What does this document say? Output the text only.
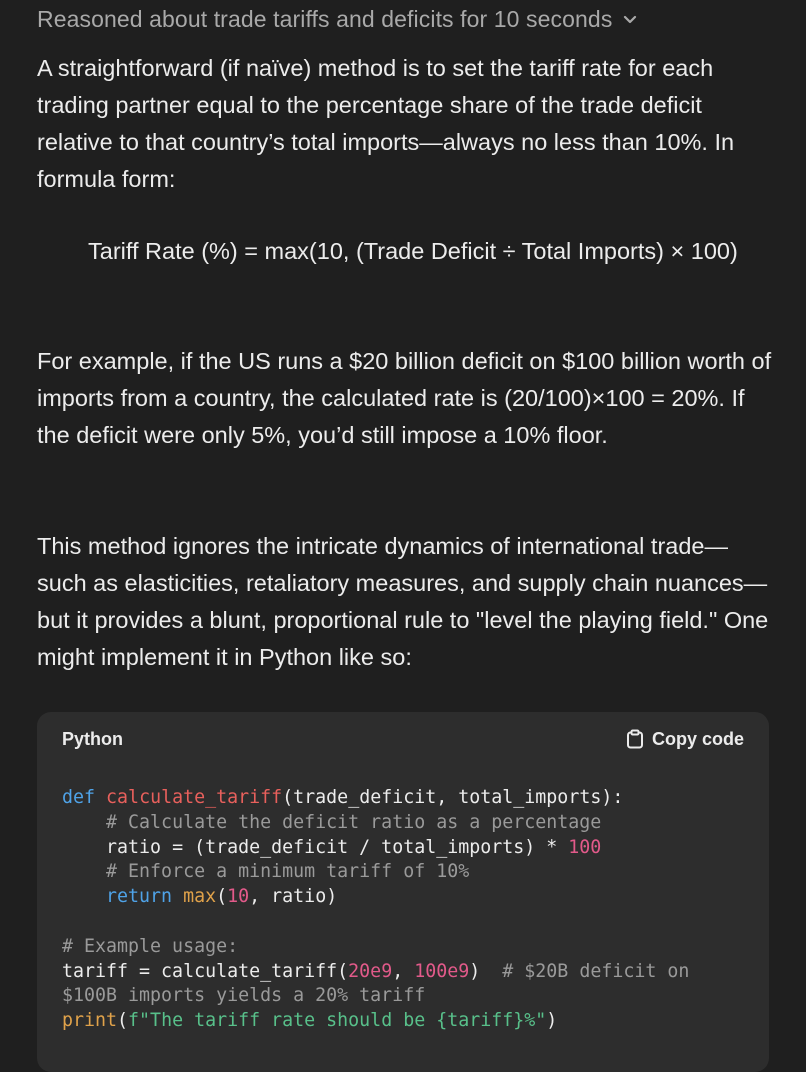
Reasoned about trade tariffs and deficits for 10 seconds

A straightforward (if naïve) method is to set the tariff rate for each trading partner equal to the percentage share of the trade deficit relative to that country’s total imports—always no less than 10%. In formula form:

Tariff Rate (%) = max(10, (Trade Deficit ÷ Total Imports) × 100)

For example, if the US runs a $20 billion deficit on $100 billion worth of imports from a country, the calculated rate is (20/100)×100 = 20%. If the deficit were only 5%, you’d still impose a 10% floor.

This method ignores the intricate dynamics of international trade—such as elasticities, retaliatory measures, and supply chain nuances—but it provides a blunt, proportional rule to "level the playing field." One might implement it in Python like so:

Python	Copy code
def calculate_tariff(trade_deficit, total_imports):
# Calculate the deficit ratio as a percentage
ratio = (trade_deficit / total_imports) * 100
# Enforce a minimum tariff of 10%
return max(10, ratio)

# Example usage:
tariff = calculate_tariff(20e9, 100e9) # $20B deficit on
$100B imports yields a 20% tariff
print(f"The tariff rate should be {tariff}%")
